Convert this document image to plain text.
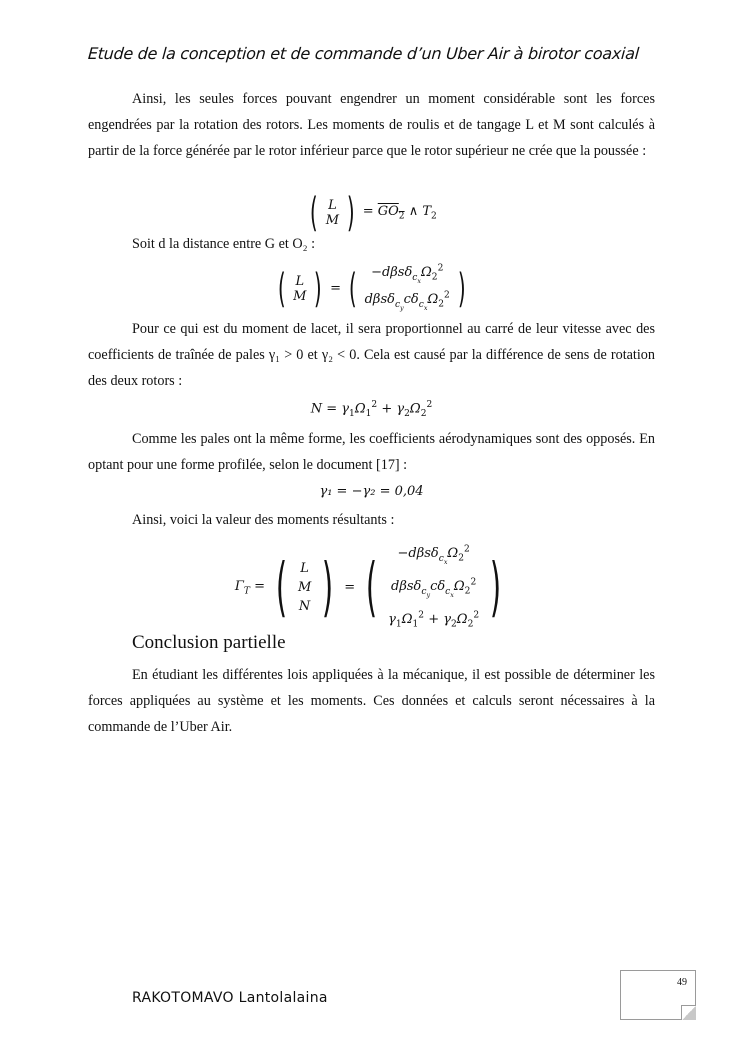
Etude de la conception et de commande d’un Uber Air à birotor coaxial
Ainsi, les seules forces pouvant engendrer un moment considérable sont les forces engendrées par la rotation des rotors. Les moments de roulis et de tangage L et M sont calculés à partir de la force générée par le rotor inférieur parce que le rotor supérieur ne crée que la poussée :
( L
M ) = $GO_2$ ∧ $T_2$
Soit d la distance entre G et O₂ :
( L
M ) = (	$-d\beta s\delta_{c_x}\Omega_2^2$
$d\beta s\delta_{c_y}c\delta_{c_x}\Omega_2^2$ )
Pour ce qui est du moment de lacet, il sera proportionnel au carré de leur vitesse avec des coefficients de traînée de pales γ₁ > 0 et γ₂ < 0. Cela est causé par la différence de sens de rotation des deux rotors :
$N = \gamma_1\Omega_1^2 + \gamma_2\Omega_2^2$
Comme les pales ont la même forme, les coefficients aérodynamiques sont des opposés. En optant pour une forme profilée, selon le document [17] :
γ₁ = −γ₂ = 0,04
Ainsi, voici la valeur des moments résultants :
$\Gamma_T$ = ( L
M
N ) = (	$-d\beta s\delta_{c_x}\Omega_2^2$
$d\beta s\delta_{c_y}c\delta_{c_x}\Omega_2^2$
$\gamma_1\Omega_1^2 + \gamma_2\Omega_2^2$ )
Conclusion partielle
En étudiant les différentes lois appliquées à la mécanique, il est possible de déterminer les forces appliquées au système et les moments. Ces données et calculs seront nécessaires à la commande de l’Uber Air.
49
RAKOTOMAVO Lantolalaina
